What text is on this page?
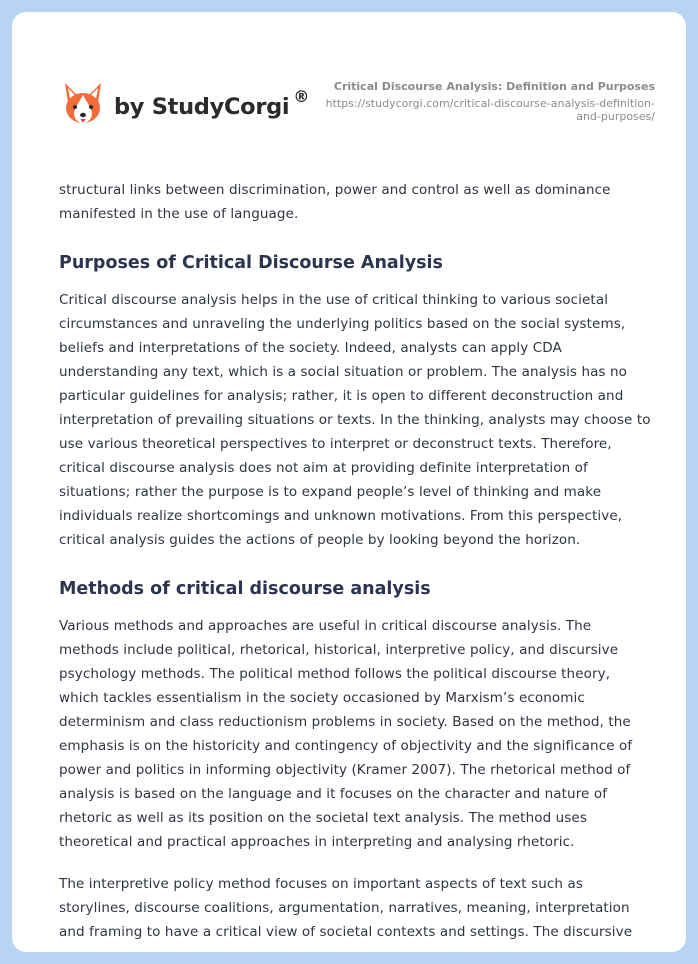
by StudyCorgi ®
Critical Discourse Analysis: Definition and Purposes
https://studycorgi.com/critical-discourse-analysis-definition-and-purposes/

structural links between discrimination, power and control as well as dominance manifested in the use of language.

Purposes of Critical Discourse Analysis

Critical discourse analysis helps in the use of critical thinking to various societal circumstances and unraveling the underlying politics based on the social systems, beliefs and interpretations of the society. Indeed, analysts can apply CDA understanding any text, which is a social situation or problem. The analysis has no particular guidelines for analysis; rather, it is open to different deconstruction and interpretation of prevailing situations or texts. In the thinking, analysts may choose to use various theoretical perspectives to interpret or deconstruct texts. Therefore, critical discourse analysis does not aim at providing definite interpretation of situations; rather the purpose is to expand people’s level of thinking and make individuals realize shortcomings and unknown motivations. From this perspective, critical analysis guides the actions of people by looking beyond the horizon.

Methods of critical discourse analysis

Various methods and approaches are useful in critical discourse analysis. The methods include political, rhetorical, historical, interpretive policy, and discursive psychology methods. The political method follows the political discourse theory, which tackles essentialism in the society occasioned by Marxism’s economic determinism and class reductionism problems in society. Based on the method, the emphasis is on the historicity and contingency of objectivity and the significance of power and politics in informing objectivity (Kramer 2007). The rhetorical method of analysis is based on the language and it focuses on the character and nature of rhetoric as well as its position on the societal text analysis. The method uses theoretical and practical approaches in interpreting and analysing rhetoric.

The interpretive policy method focuses on important aspects of text such as storylines, discourse coalitions, argumentation, narratives, meaning, interpretation and framing to have a critical view of societal contexts and settings. The discursive
